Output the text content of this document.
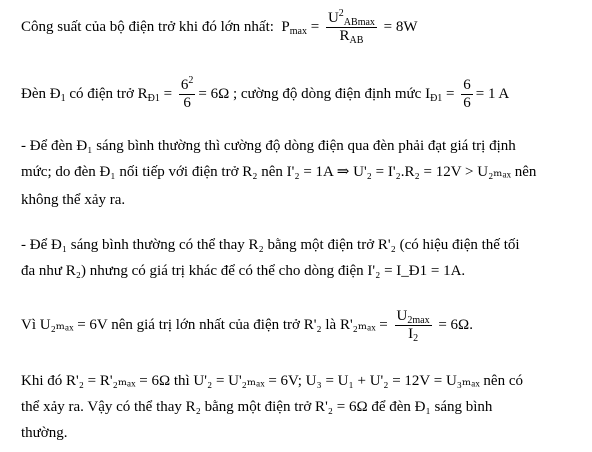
Công suất của bộ điện trở khi đó lớn nhất: $P_{max} = \frac{U^2_{ABmax}}{R_{AB}} = 8W$
Đèn $Đ_1$ có điện trở $R_{Đ1} = \frac{6^2}{6} = 6\Omega$ ; cường độ dòng điện định mức $I_{Đ1} = \frac{6}{6} = 1$ A
- Để đèn Đ₁ sáng bình thường thì cường độ dòng điện qua đèn phải đạt giá trị định
mức; do đèn Đ₁ nối tiếp với điện trở R₂ nên I'₂ = 1A ⇒ U'₂ = I'₂.R₂ = 12V > U₂ₘₐₓ nên
không thể xảy ra.
- Để Đ₁ sáng bình thường có thể thay R₂ bằng một điện trở R'₂ (có hiệu điện thế tối
đa như R₂) nhưng có giá trị khác để có thể cho dòng điện I'₂ = I_Đ1 = 1A.
Vì U₂ₘₐₓ = 6V nên giá trị lớn nhất của điện trở R'₂ là $R'_{2max} = \frac{U_{2max}}{I_2} = 6\Omega$.
Khi đó R'₂ = R'₂ₘₐₓ = 6Ω thì U'₂ = U'₂ₘₐₓ = 6V; U₃ = U₁ + U'₂ = 12V = U₃ₘₐₓ nên có
thể xảy ra. Vậy có thể thay R₂ bằng một điện trở R'₂ = 6Ω để đèn Đ₁ sáng bình
thường.
